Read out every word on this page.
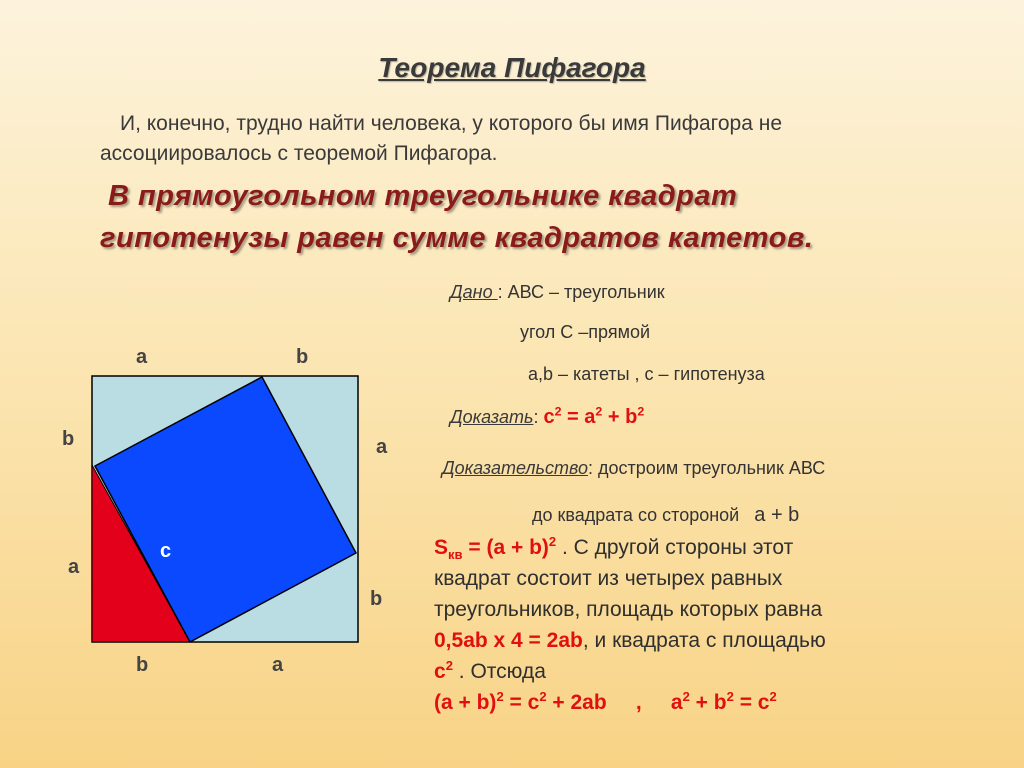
Теорема Пифагора
И, конечно, трудно найти человека, у которого бы имя Пифагора не
ассоциировалось с теоремой Пифагора.
В прямоугольном треугольнике квадрат
гипотенузы равен сумме квадратов катетов.
Дано : АВС – треугольник
угол С –прямой
a,b – катеты , c – гипотенуза
Доказать: $c^2 = a^2 + b^2$
Доказательство: достроим треугольник АВС
до квадрата со стороной a + b
$S_{кв} = (a + b)^2$ . С другой стороны этот
квадрат состоит из четырех равных
треугольников, площадь которых равна
0,5ab x 4 = 2ab, и квадрата с площадью
$c^2$ . Отсюда
$(a + b)^2 = c^2 + 2ab$ , $a^2 + b^2 = c^2$
a	b
b
a
a
b
b	a
c
